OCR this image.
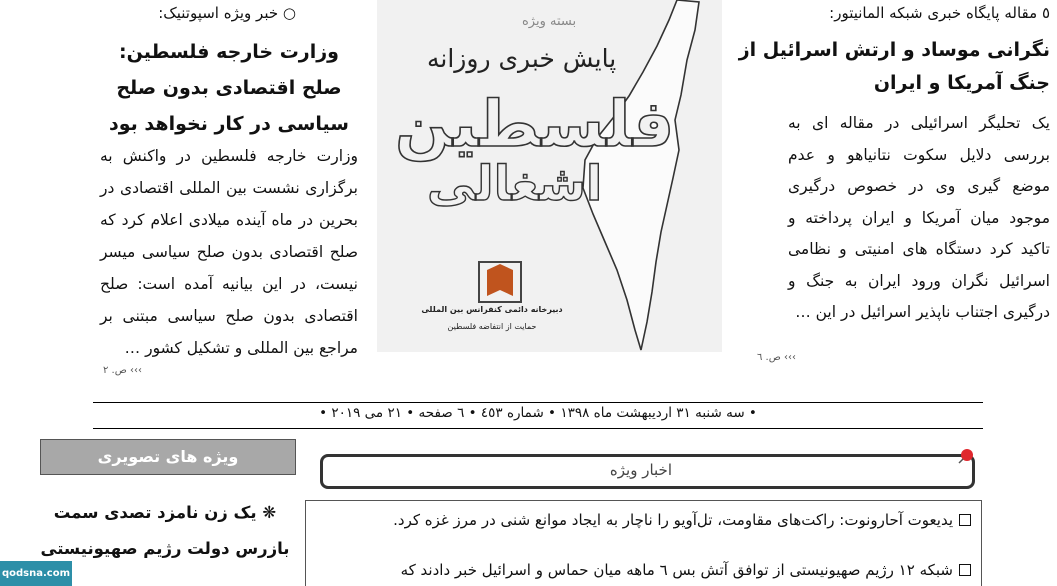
٥ مقاله پایگاه خبری شبکه المانیتور:
نگرانی موساد و ارتش اسرائیل از جنگ آمریکا و ایران
یک تحلیگر اسرائیلی در مقاله ای به بررسی دلایل سکوت نتانیاهو و عدم موضع گیری وی در خصوص درگیری موجود میان آمریکا و ایران پرداخته و تاکید کرد دستگاه های امنیتی و نظامی اسرائیل نگران ورود ایران به جنگ و درگیری اجتناب ناپذیر اسرائیل در این …
››› ص. ٦
بسته ویژه
پایش خبری روزانه
فلسطین
اشغالی
دبیرخانه دائمی کنفرانس بین المللی
حمایت از انتفاضه فلسطین
○ خبر ویژه اسپوتنیک:
وزارت خارجه فلسطین: صلح اقتصادی بدون صلح سیاسی در کار نخواهد بود
وزارت خارجه فلسطین در واکنش به برگزاری نشست بین المللی اقتصادی در بحرین در ماه آینده میلادی اعلام کرد که صلح اقتصادی بدون صلح سیاسی میسر نیست، در این بیانیه آمده است: صلح اقتصادی بدون صلح سیاسی مبتنی بر مراجع بین المللی و تشکیل کشور …
››› ص. ٢
• سه شنبه ٣١ اردیبهشت ماه ١٣٩٨ • شماره ٤٥٣ • ٦ صفحه • ٢١ می ٢٠١٩ •
ویژه های تصویری
❋ یک زن نامزد تصدی سمت بازرس دولت رژیم صهیونیستی
اخبار ویژه
یدیعوت آحارونوت: راکت‌های مقاومت، تل‌آویو را ناچار به ایجاد موانع شنی در مرز غزه کرد.
شبکه ١٢ رژیم صهیونیستی از توافق آتش بس ٦ ماهه میان حماس و اسرائیل خبر دادند که
qodsna.com
